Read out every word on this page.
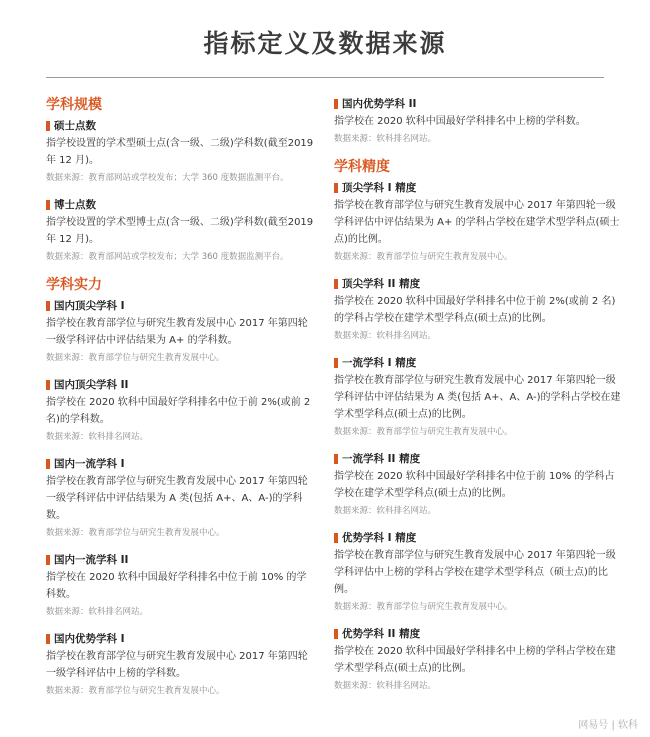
指标定义及数据来源
学科规模
硕士点数
指学校设置的学术型硕士点(含一级、二级)学科数(截至2019 年 12 月)。
数据来源：教育部网站或学校发布；大学 360 度数据监测平台。
博士点数
指学校设置的学术型博士点(含一级、二级)学科数(截至2019 年 12 月)。
数据来源：教育部网站或学校发布；大学 360 度数据监测平台。
学科实力
国内顶尖学科 I
指学校在教育部学位与研究生教育发展中心 2017 年第四轮一级学科评估中评估结果为 A+ 的学科数。
数据来源：教育部学位与研究生教育发展中心。
国内顶尖学科 II
指学校在 2020 软科中国最好学科排名中位于前 2%(或前 2 名)的学科数。
数据来源：软科排名网站。
国内一流学科 I
指学校在教育部学位与研究生教育发展中心 2017 年第四轮一级学科评估中评估结果为 A 类(包括 A+、A、A-)的学科数。
数据来源：教育部学位与研究生教育发展中心。
国内一流学科 II
指学校在 2020 软科中国最好学科排名中位于前 10% 的学科数。
数据来源：软科排名网站。
国内优势学科 I
指学校在教育部学位与研究生教育发展中心 2017 年第四轮一级学科评估中上榜的学科数。
数据来源：教育部学位与研究生教育发展中心。
国内优势学科 II
指学校在 2020 软科中国最好学科排名中上榜的学科数。
数据来源：软科排名网站。
学科精度
顶尖学科 I 精度
指学校在教育部学位与研究生教育发展中心 2017 年第四轮一级学科评估中评估结果为 A+ 的学科占学校在建学术型学科点(硕士点)的比例。
数据来源：教育部学位与研究生教育发展中心。
顶尖学科 II 精度
指学校在 2020 软科中国最好学科排名中位于前 2%(或前 2 名)的学科占学校在建学术型学科点(硕士点)的比例。
数据来源：软科排名网站。
一流学科 I 精度
指学校在教育部学位与研究生教育发展中心 2017 年第四轮一级学科评估中评估结果为 A 类(包括 A+、A、A-)的学科占学校在建学术型学科点(硕士点)的比例。
数据来源：教育部学位与研究生教育发展中心。
一流学科 II 精度
指学校在 2020 软科中国最好学科排名中位于前 10% 的学科占学校在建学术型学科点(硕士点)的比例。
数据来源：软科排名网站。
优势学科 I 精度
指学校在教育部学位与研究生教育发展中心 2017 年第四轮一级学科评估中上榜的学科占学校在建学术型学科点（硕士点)的比例。
数据来源：教育部学位与研究生教育发展中心。
优势学科 II 精度
指学校在 2020 软科中国最好学科排名中上榜的学科占学校在建学术型学科点(硕士点)的比例。
数据来源：软科排名网站。
网易号 | 软科
